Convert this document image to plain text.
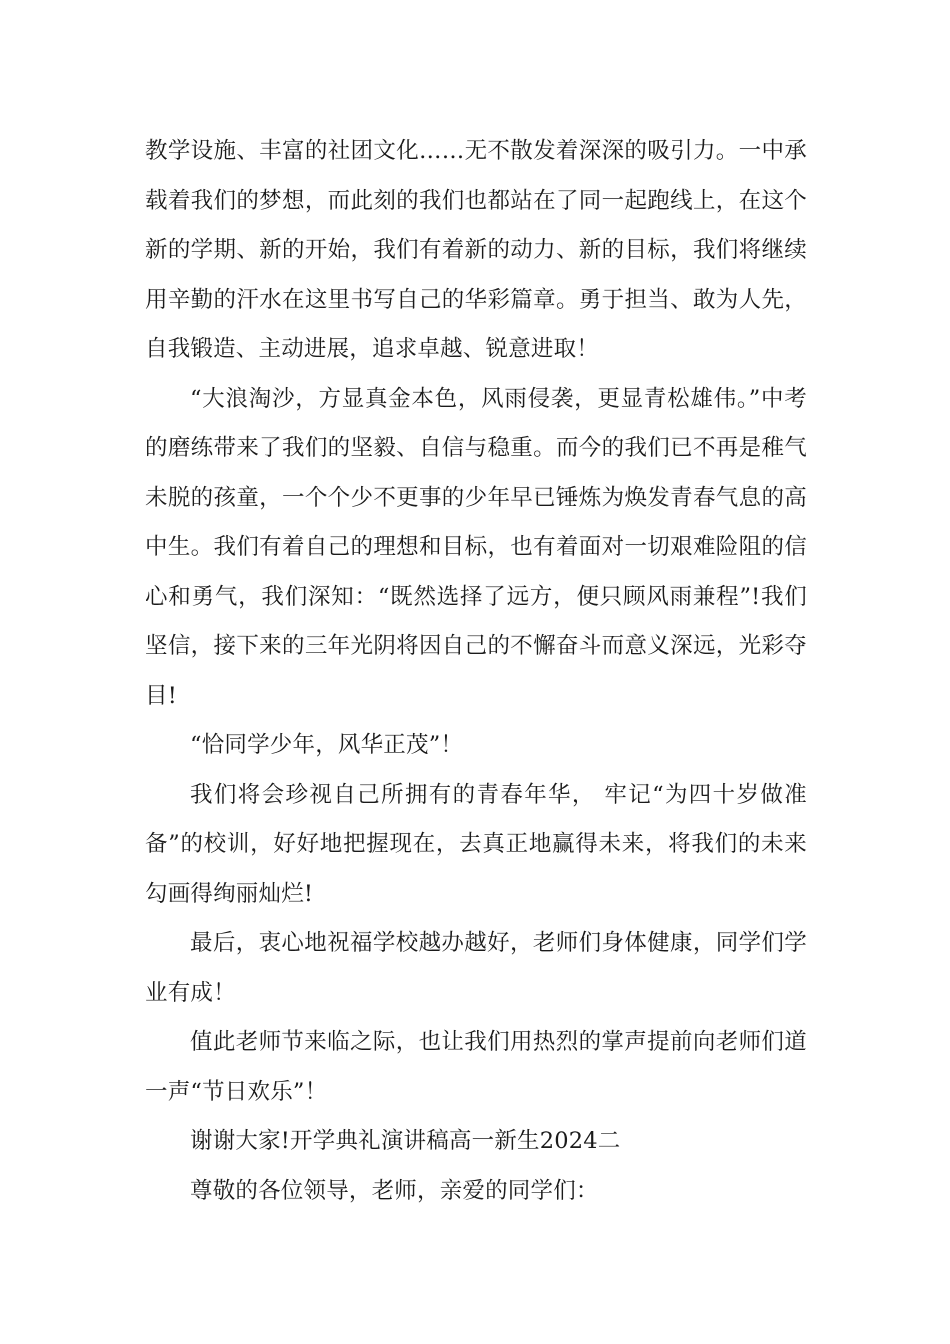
教学设施、丰富的社团文化……无不散发着深深的吸引力。一中承载着我们的梦想，而此刻的我们也都站在了同一起跑线上，在这个新的学期、新的开始，我们有着新的动力、新的目标，我们将继续用辛勤的汗水在这里书写自己的华彩篇章。勇于担当、敢为人先，自我锻造、主动进展，追求卓越、锐意进取！

“大浪淘沙，方显真金本色，风雨侵袭，更显青松雄伟。”中考的磨练带来了我们的坚毅、自信与稳重。而今的我们已不再是稚气未脱的孩童，一个个少不更事的少年早已锤炼为焕发青春气息的高中生。我们有着自己的理想和目标，也有着面对一切艰难险阻的信心和勇气，我们深知：“既然选择了远方，便只顾风雨兼程”!我们坚信，接下来的三年光阴将因自己的不懈奋斗而意义深远，光彩夺目!

“恰同学少年，风华正茂”！

我们将会珍视自己所拥有的青春年华， 牢记“为四十岁做准备”的校训，好好地把握现在，去真正地赢得未来，将我们的未来勾画得绚丽灿烂!

最后，衷心地祝福学校越办越好，老师们身体健康，同学们学业有成！

值此老师节来临之际，也让我们用热烈的掌声提前向老师们道一声“节日欢乐”！

谢谢大家!开学典礼演讲稿高一新生2024二

尊敬的各位领导，老师，亲爱的同学们：
